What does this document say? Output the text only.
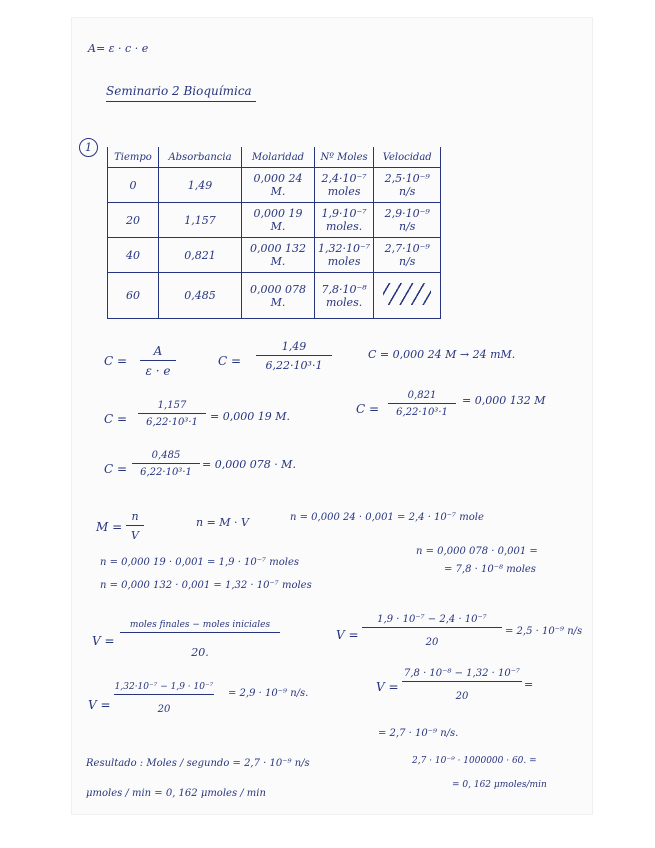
A= ε · c · e
Seminario 2 Bioquímica
1
Tiempo	Absorbancia	Molaridad	Nº Moles	Velocidad
0	1,49	0,000 24 M.	2,4·10⁻⁷ moles	2,5·10⁻⁹ n/s
20	1,157	0,000 19 M.	1,9·10⁻⁷ moles.	2,9·10⁻⁹ n/s
40	0,821	0,000 132 M.	1,32·10⁻⁷ moles	2,7·10⁻⁹ n/s
60	0,485	0,000 078 M.	7,8·10⁻⁸ moles.	
C =
A
ε · e
C =
1,49
6,22·10³·1
C = 0,000 24 M → 24 mM.
C =
1,157
6,22·10³·1 = 0,000 19 M.
C =
0,821
6,22·10³·1
= 0,000 132 M
C =
0,485
6,22·10³·1
= 0,000 078 · M.
M =
n
V
n = M · V	n = 0,000 24 · 0,001 = 2,4 · 10⁻⁷ mole
n = 0,000 19 · 0,001 = 1,9 · 10⁻⁷ moles
n = 0,000 132 · 0,001 = 1,32 · 10⁻⁷ moles
n = 0,000 078 · 0,001 =
= 7,8 · 10⁻⁸ moles
V =
moles finales − moles iniciales
20.
V =
1,9 · 10⁻⁷ − 2,4 · 10⁻⁷
20
= 2,5 · 10⁻⁹ n/s
V =
1,32·10⁻⁷ − 1,9 · 10⁻⁷
20
= 2,9 · 10⁻⁹ n/s.	V =
7,8 · 10⁻⁸ − 1,32 · 10⁻⁷
20
=
= 2,7 · 10⁻⁹ n/s.
Resultado : Moles / segundo = 2,7 · 10⁻⁹ n/s
μmoles / min = 0, 162 μmoles / min
2,7 · 10⁻⁹ · 1000000 · 60. =
= 0, 162 μmoles/min
